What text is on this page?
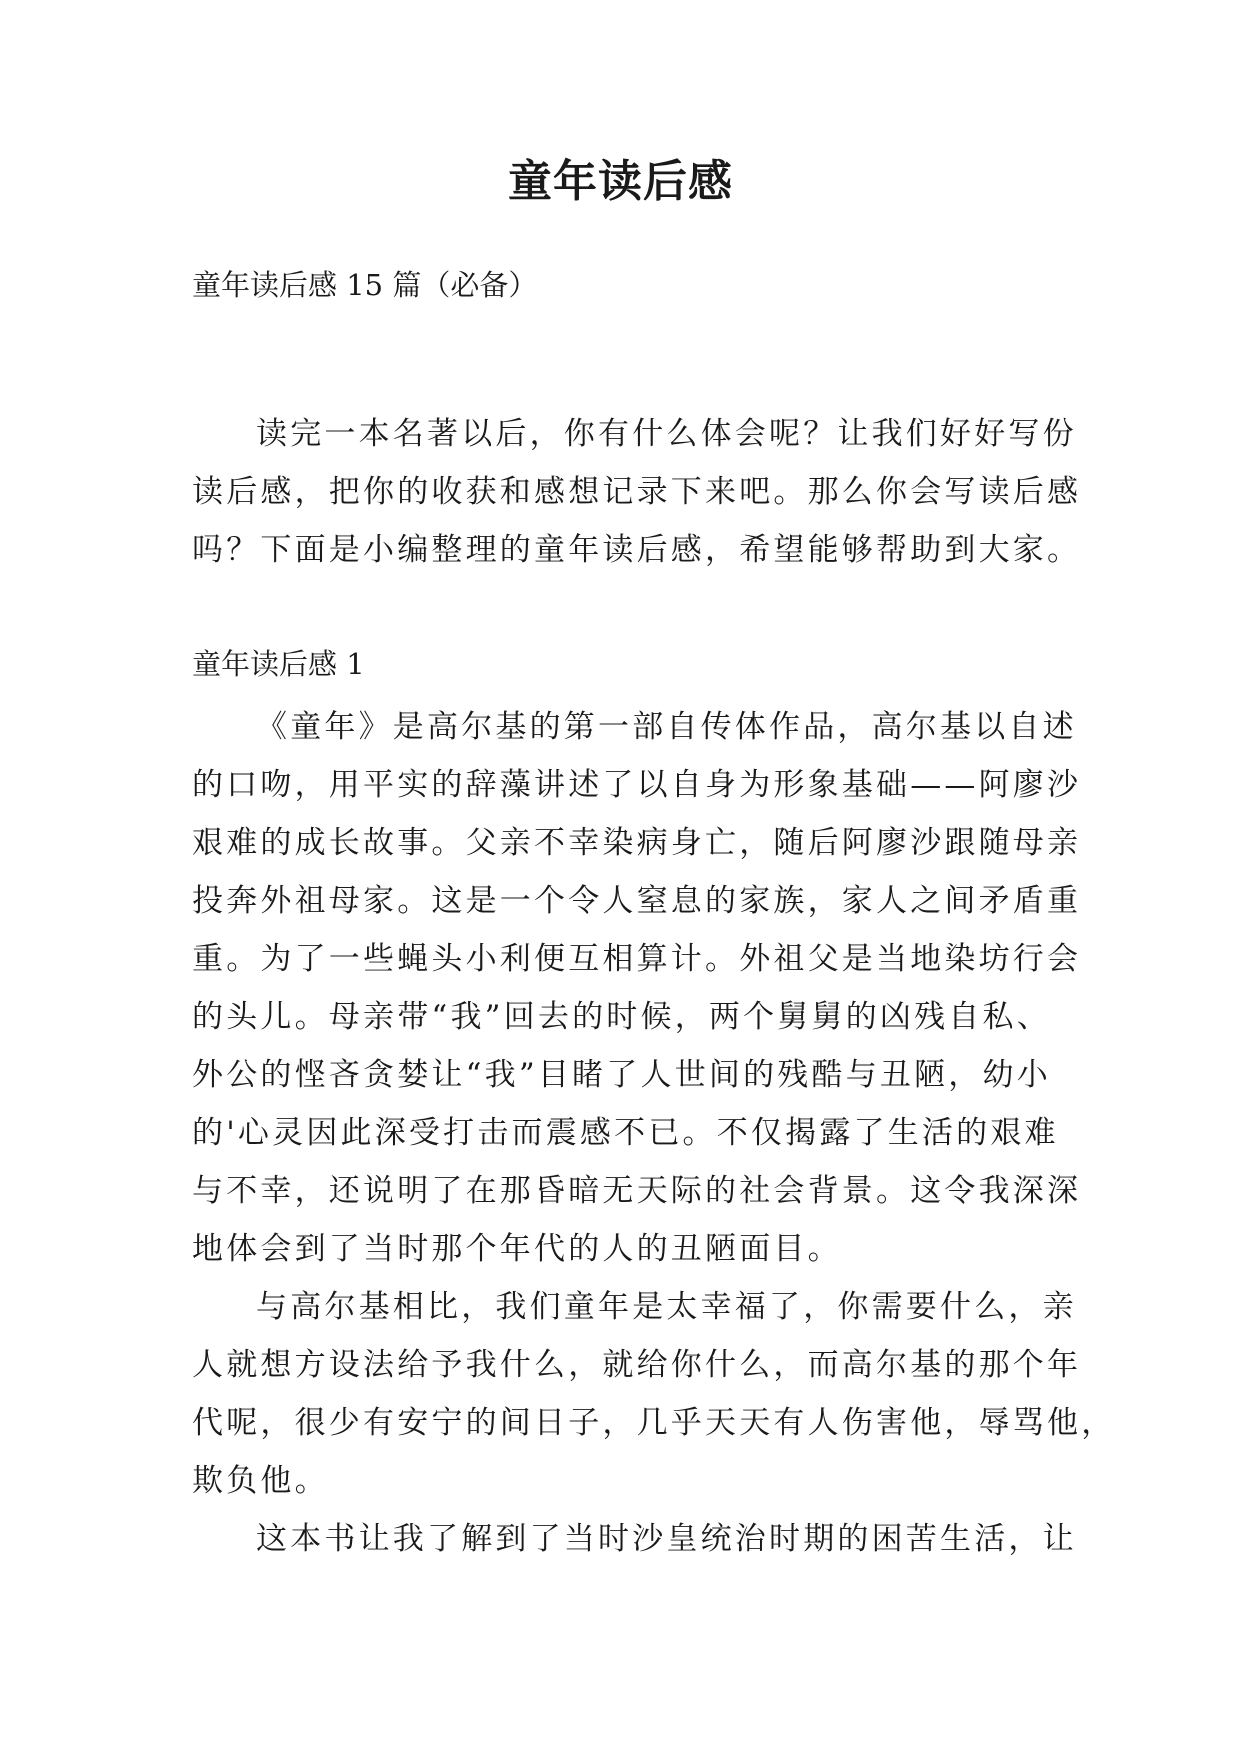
童年读后感

童年读后感 15 篇（必备）

读完一本名著以后，你有什么体会呢？让我们好好写份
读后感，把你的收获和感想记录下来吧。那么你会写读后感
吗？下面是小编整理的童年读后感，希望能够帮助到大家。

童年读后感 1

《童年》是高尔基的第一部自传体作品，高尔基以自述
的口吻，用平实的辞藻讲述了以自身为形象基础——阿廖沙
艰难的成长故事。父亲不幸染病身亡，随后阿廖沙跟随母亲
投奔外祖母家。这是一个令人窒息的家族，家人之间矛盾重
重。为了一些蝇头小利便互相算计。外祖父是当地染坊行会
的头儿。母亲带“我”回去的时候，两个舅舅的凶残自私、
外公的悭吝贪婪让“我”目睹了人世间的残酷与丑陋，幼小
的'心灵因此深受打击而震感不已。不仅揭露了生活的艰难
与不幸，还说明了在那昏暗无天际的社会背景。这令我深深
地体会到了当时那个年代的人的丑陋面目。
与高尔基相比，我们童年是太幸福了，你需要什么，亲
人就想方设法给予我什么，就给你什么，而高尔基的那个年
代呢，很少有安宁的间日子，几乎天天有人伤害他，辱骂他，
欺负他。
这本书让我了解到了当时沙皇统治时期的困苦生活，让
